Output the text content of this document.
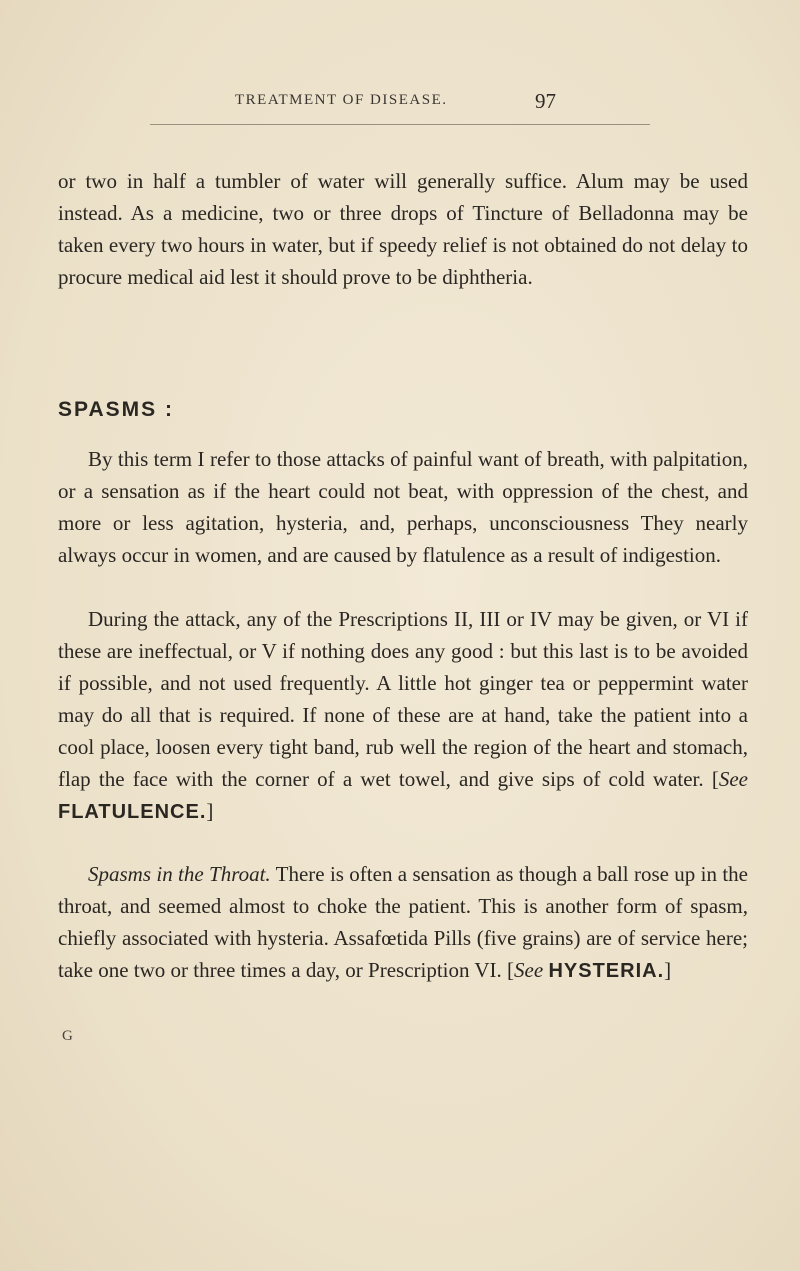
TREATMENT OF DISEASE.	97

or two in half a tumbler of water will generally suffice. Alum may be used instead. As a medicine, two or three drops of Tincture of Belladonna may be taken every two hours in water, but if speedy relief is not obtained do not delay to procure medical aid lest it should prove to be diphtheria.

SPASMS :

By this term I refer to those attacks of painful want of breath, with palpitation, or a sensation as if the heart could not beat, with oppression of the chest, and more or less agitation, hysteria, and, perhaps, unconsciousness They nearly always occur in women, and are caused by flatulence as a result of indigestion.

During the attack, any of the Prescriptions II, III or IV may be given, or VI if these are ineffectual, or V if nothing does any good : but this last is to be avoided if possible, and not used frequently. A little hot ginger tea or peppermint water may do all that is required. If none of these are at hand, take the patient into a cool place, loosen every tight band, rub well the region of the heart and stomach, flap the face with the corner of a wet towel, and give sips of cold water. [See FLATULENCE.]

Spasms in the Throat. There is often a sensation as though a ball rose up in the throat, and seemed almost to choke the patient. This is another form of spasm, chiefly associated with hysteria. Assafœtida Pills (five grains) are of service here; take one two or three times a day, or Prescription VI. [See HYSTERIA.]

G
